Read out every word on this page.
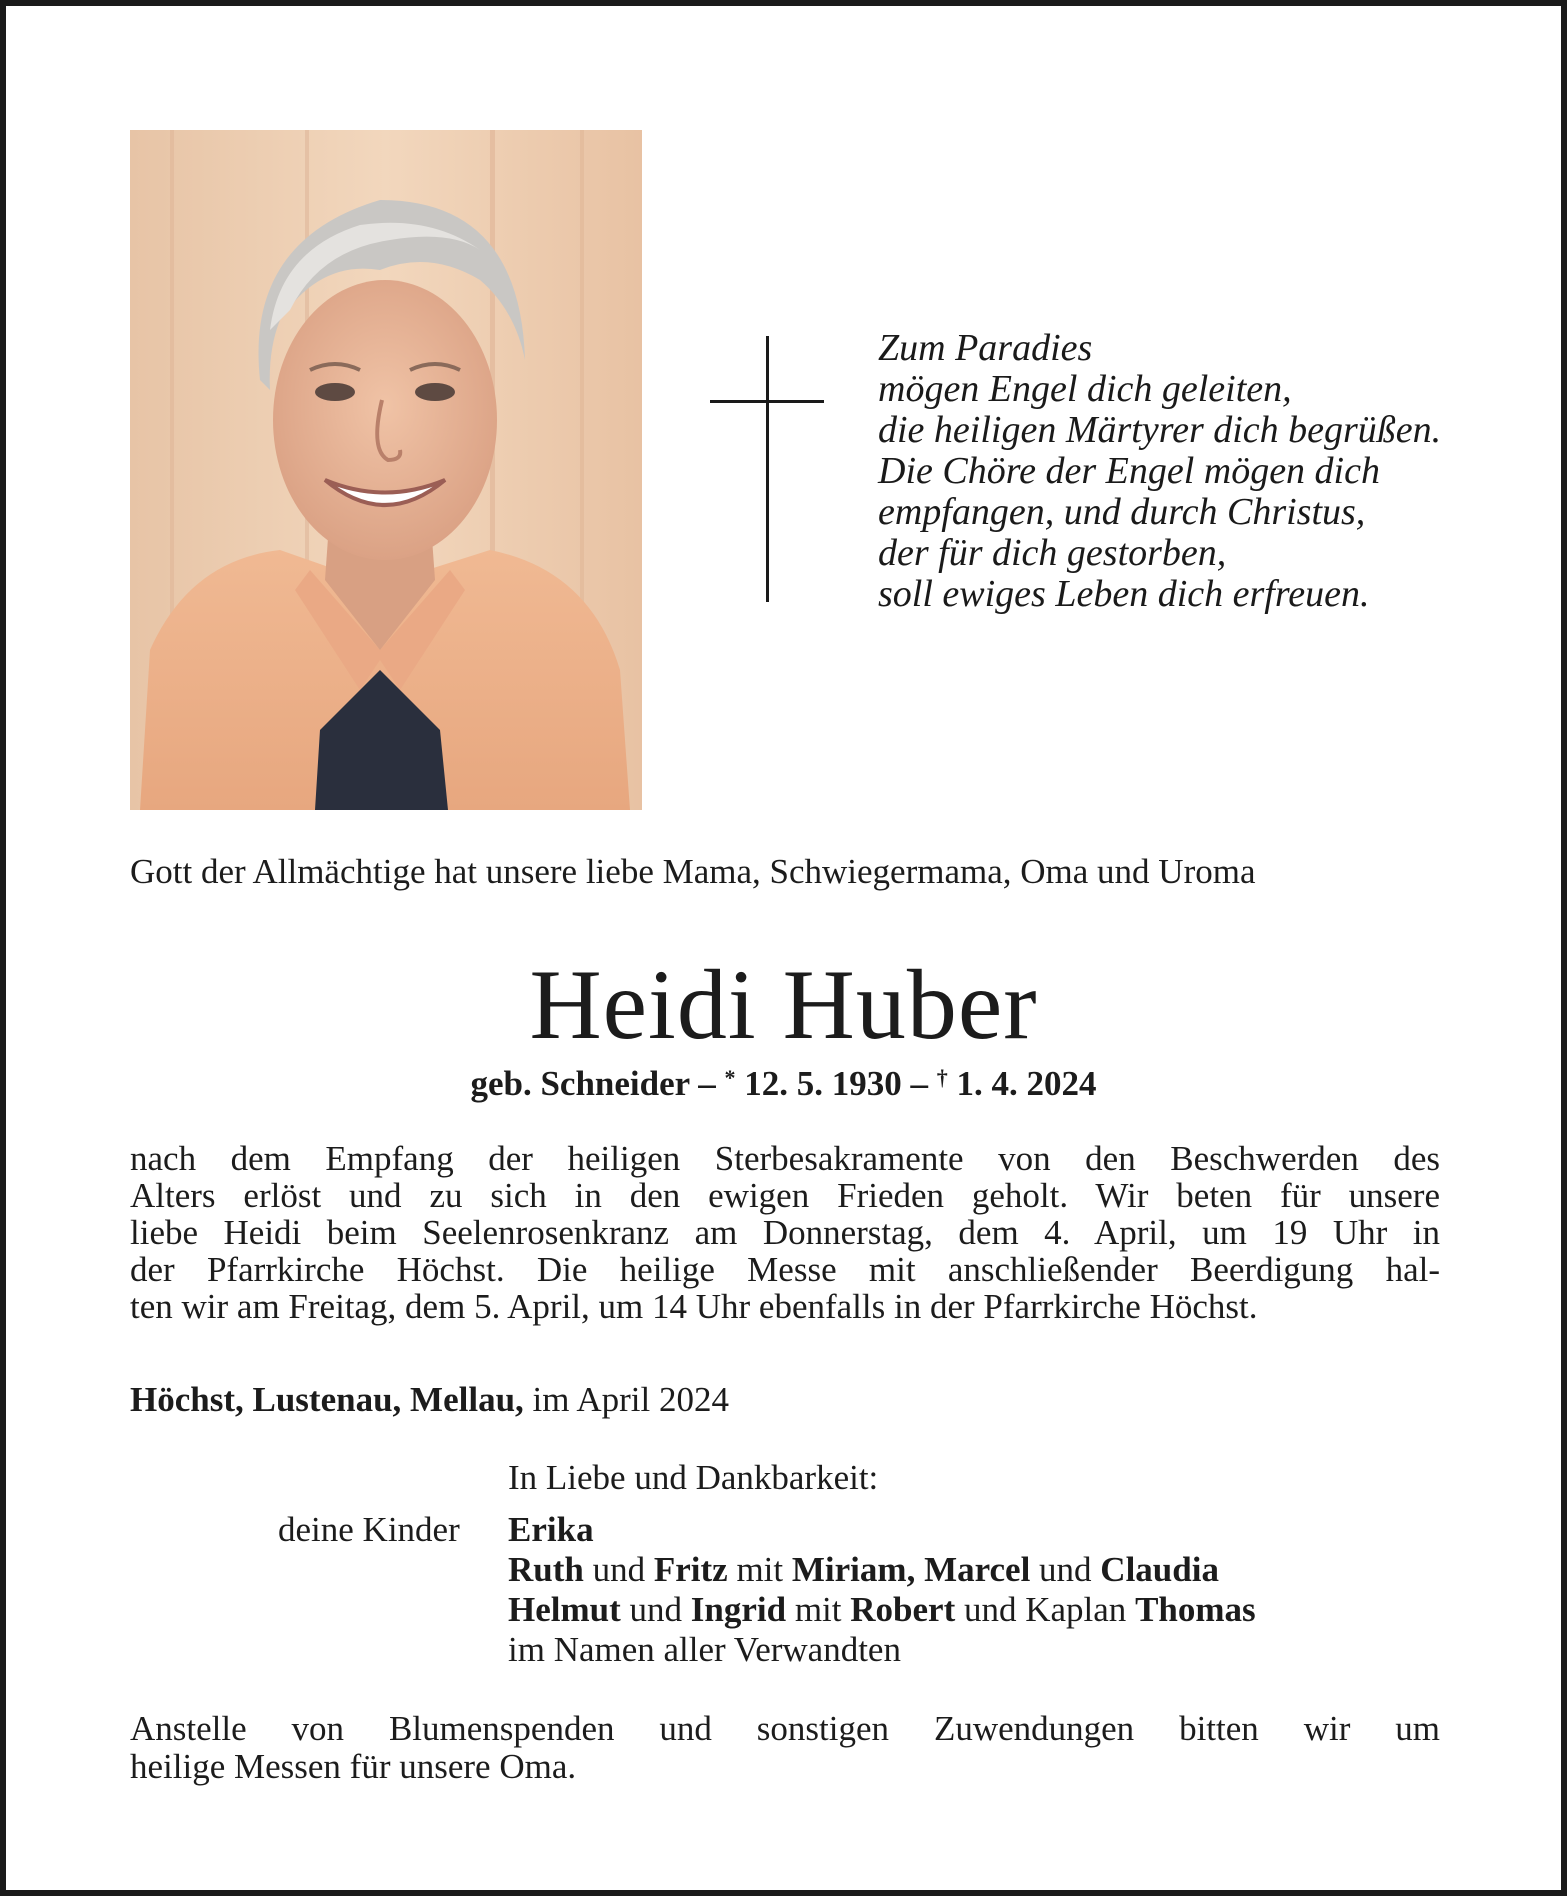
Zum Paradies
mögen Engel dich geleiten,
die heiligen Märtyrer dich begrüßen.
Die Chöre der Engel mögen dich
empfangen, und durch Christus,
der für dich gestorben,
soll ewiges Leben dich erfreuen.
Gott der Allmächtige hat unsere liebe Mama, Schwiegermama, Oma und Uroma
Heidi Huber
geb. Schneider – * 12. 5. 1930 – † 1. 4. 2024
nach dem Empfang der heiligen Sterbesakramente von den Beschwerden des
Alters erlöst und zu sich in den ewigen Frieden geholt. Wir beten für unsere
liebe Heidi beim Seelenrosenkranz am Donnerstag, dem 4. April, um 19 Uhr in
der Pfarrkirche Höchst. Die heilige Messe mit anschließender Beerdigung hal-
ten wir am Freitag, dem 5. April, um 14 Uhr ebenfalls in der Pfarrkirche Höchst.
Höchst, Lustenau, Mellau, im April 2024
In Liebe und Dankbarkeit:
deine Kinder Erika
Ruth und Fritz mit Miriam, Marcel und Claudia
Helmut und Ingrid mit Robert und Kaplan Thomas
im Namen aller Verwandten
Anstelle von Blumenspenden und sonstigen Zuwendungen bitten wir um
heilige Messen für unsere Oma.
